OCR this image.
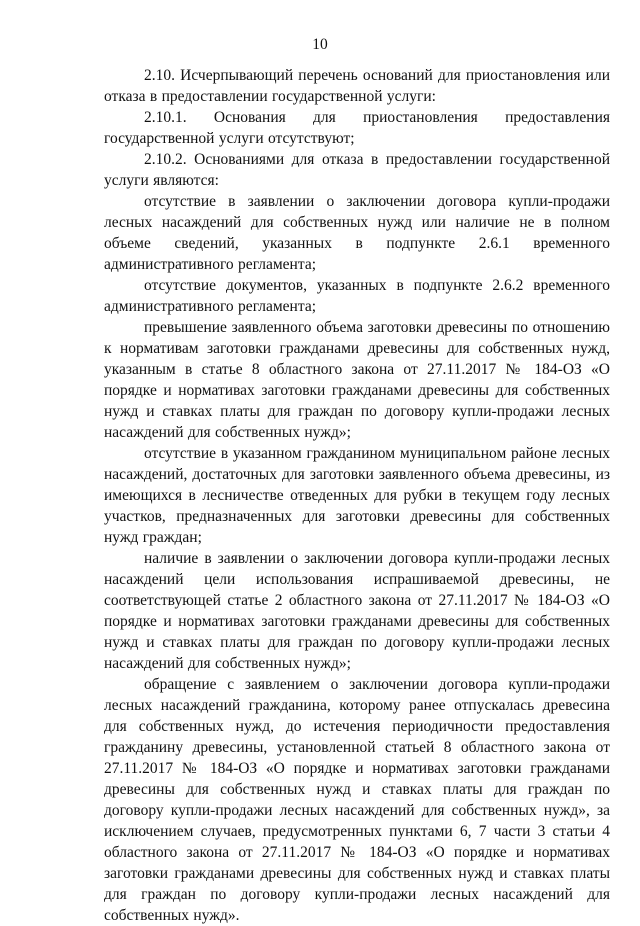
10

2.10. Исчерпывающий перечень оснований для приостановления или отказа в предоставлении государственной услуги:

2.10.1. Основания для приостановления предоставления государственной услуги отсутствуют;

2.10.2. Основаниями для отказа в предоставлении государственной услуги являются:

отсутствие в заявлении о заключении договора купли-продажи лесных насаждений для собственных нужд или наличие не в полном объеме сведений, указанных в подпункте 2.6.1 временного административного регламента;

отсутствие документов, указанных в подпункте 2.6.2 временного административного регламента;

превышение заявленного объема заготовки древесины по отношению к нормативам заготовки гражданами древесины для собственных нужд, указанным в статье 8 областного закона от 27.11.2017 № 184-ОЗ «О порядке и нормативах заготовки гражданами древесины для собственных нужд и ставках платы для граждан по договору купли-продажи лесных насаждений для собственных нужд»;

отсутствие в указанном гражданином муниципальном районе лесных насаждений, достаточных для заготовки заявленного объема древесины, из имеющихся в лесничестве отведенных для рубки в текущем году лесных участков, предназначенных для заготовки древесины для собственных нужд граждан;

наличие в заявлении о заключении договора купли-продажи лесных насаждений цели использования испрашиваемой древесины, не соответствующей статье 2 областного закона от 27.11.2017 № 184-ОЗ «О порядке и нормативах заготовки гражданами древесины для собственных нужд и ставках платы для граждан по договору купли-продажи лесных насаждений для собственных нужд»;

обращение с заявлением о заключении договора купли-продажи лесных насаждений гражданина, которому ранее отпускалась древесина для собственных нужд, до истечения периодичности предоставления гражданину древесины, установленной статьей 8 областного закона от 27.11.2017 № 184-ОЗ «О порядке и нормативах заготовки гражданами древесины для собственных нужд и ставках платы для граждан по договору купли-продажи лесных насаждений для собственных нужд», за исключением случаев, предусмотренных пунктами 6, 7 части 3 статьи 4 областного закона от 27.11.2017 № 184-ОЗ «О порядке и нормативах заготовки гражданами древесины для собственных нужд и ставках платы для граждан по договору купли-продажи лесных насаждений для собственных нужд».
